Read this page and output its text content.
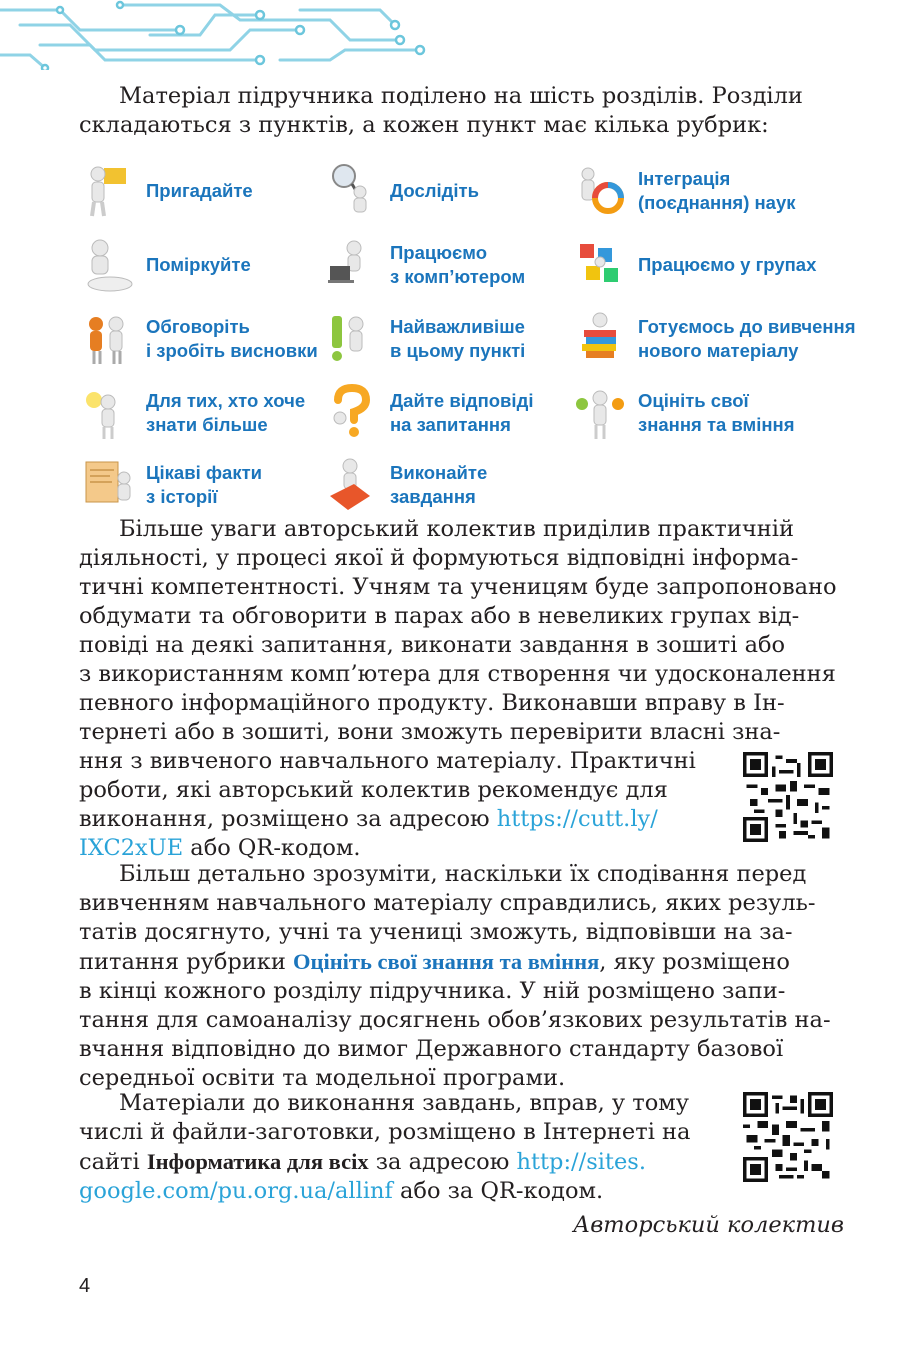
Матеріал підручника поділено на шість розділів. Розділи

складаються з пунктів, а кожен пункт має кілька рубрик:

Пригадайте	Дослідіть
Інтеграція
(поєднання) наук
Поміркуйте
Працюємо
з комп’ютером
Працюємо у групах
Обговоріть
і зробіть висновки
Найважливіше
в цьому пункті
Готуємось до вивчення
нового матеріалу
Для тих, хто хоче
знати більше
Дайте відповіді
на запитання
Оцініть свої
знання та вміння
Цікаві факти
з історії
Виконайте
завдання

Більше уваги авторський колектив приділив практичній

діяльності, у процесі якої й формуються відповідні інформа-

тичні компетентності. Учням та ученицям буде запропоновано

обдумати та обговорити в парах або в невеликих групах від-

повіді на деякі запитання, виконати завдання в зошиті або

з використанням комп’ютера для створення чи удосконалення

певного інформаційного продукту. Виконавши вправу в Ін-

тернеті або в зошиті, вони зможуть перевірити власні зна-

ння з вивченого навчального матеріалу. Практичні

роботи, які авторський колектив рекомендує для

виконання, розміщено за адресою https://cutt.ly/

IXC2xUE або QR-кодом.

Більш детально зрозуміти, наскільки їх сподівання перед

вивченням навчального матеріалу справдились, яких резуль-

татів досягнуто, учні та учениці зможуть, відповівши на за-

питання рубрики Оцініть свої знання та вміння, яку розміщено

в кінці кожного розділу підручника. У ній розміщено запи-

тання для самоаналізу досягнень обов’язкових результатів на-

вчання відповідно до вимог Державного стандарту базової

середньої освіти та модельної програми.

Матеріали до виконання завдань, вправ, у тому

числі й файли-заготовки, розміщено в Інтернеті на

сайті Інформатика для всіх за адресою http://sites.

google.com/pu.org.ua/allinf або за QR-кодом.

Авторський колектив
4
